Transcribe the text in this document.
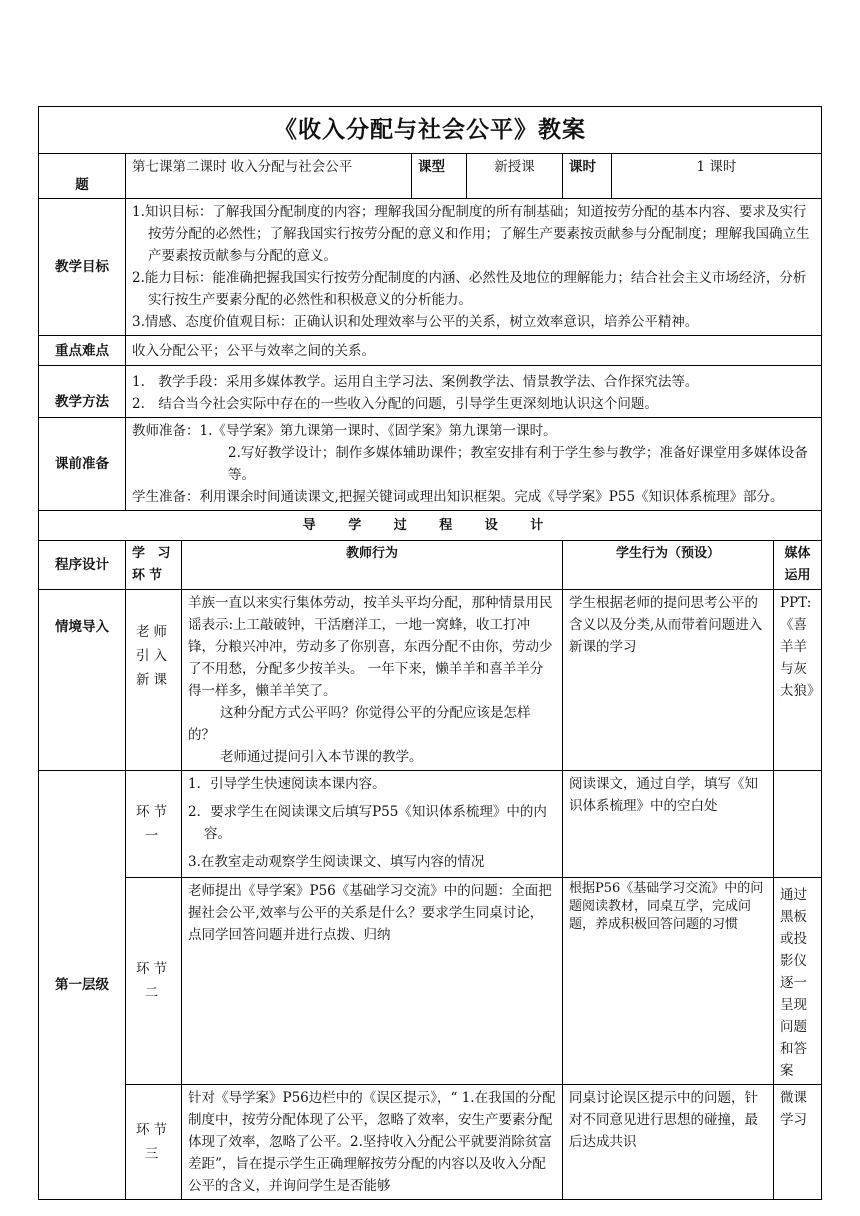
《收入分配与社会公平》教案							
题	第七课第二课时 收入分配与社会公平		课型	新授课	课时	1 课时	
教学目标	1.知识目标：了解我国分配制度的内容；理解我国分配制度的所有制基础；知道按劳分配的基本内容、要求及实行按劳分配的必然性；了解我国实行按劳分配的意义和作用；了解生产要素按贡献参与分配制度；理解我国确立生产要素按贡献参与分配的意义。

2.能力目标：能准确把握我国实行按劳分配制度的内涵、必然性及地位的理解能力；结合社会主义市场经济，分析实行按生产要素分配的必然性和积极意义的分析能力。

3.情感、态度价值观目标：正确认识和处理效率与公平的关系，树立效率意识，培养公平精神。						

重点难点	收入分配公平；公平与效率之间的关系。						
教学方法	1.　教学手段：采用多媒体教学。运用自主学习法、案例教学法、情景教学法、合作探究法等。

2.　结合当今社会实际中存在的一些收入分配的问题，引导学生更深刻地认识这个问题。						

课前准备	教师准备：1.《导学案》第九课第一课时、《固学案》第九课第一课时。

2.写好教学设计；制作多媒体辅助课件；教室安排有利于学生参与教学；准备好课堂用多媒体设备等。

学生准备：利用课余时间通读课文,把握关键词或理出知识框架。完成《导学案》P55《知识体系梳理》部分。						

导 学 过 程 设 计							
程序设计	学 习 环节	教师行为			学生行为（预设）		媒体运用
情境导入	老师引入新课	羊族一直以来实行集体劳动，按羊头平均分配，那种情景用民谣表示:上工敲破钟，干活磨洋工，一地一窝蜂，收工打冲锋，分粮兴冲冲，劳动多了你别喜，东西分配不由你，劳动少了不用愁，分配多少按羊头。 一年下来，懒羊羊和喜羊羊分得一样多，懒羊羊笑了。

这种分配方式公平吗？你觉得公平的分配应该是怎样的？

老师通过提问引入本节课的教学。			学生根据老师的提问思考公平的含义以及分类,从而带着问题进入新课的学习		PPT:《喜羊羊与灰太狼》
第一层级	环节一	1．引导学生快速阅读本课内容。

2．要求学生在阅读课文后填写P55《知识体系梳理》中的内容。

3.在教室走动观察学生阅读课文、填写内容的情况			阅读课文，通过自学，填写《知识体系梳理》中的空白处		
	环节二	老师提出《导学案》P56《基础学习交流》中的问题：全面把握社会公平,效率与公平的关系是什么？要求学生同桌讨论，点同学回答问题并进行点拨、归纳			根据P56《基础学习交流》中的问题阅读教材，同桌互学，完成问题，养成积极回答问题的习惯		通过黑板或投影仪逐一呈现问题和答案
	环节三	针对《导学案》P56边栏中的《误区提示》，“ 1.在我国的分配制度中，按劳分配体现了公平，忽略了效率，安生产要素分配体现了效率，忽略了公平。2.坚持收入分配公平就要消除贫富差距”，旨在提示学生正确理解按劳分配的内容以及收入分配公平的含义，并询问学生是否能够			同桌讨论误区提示中的问题，针对不同意见进行思想的碰撞，最后达成共识		微课学习
